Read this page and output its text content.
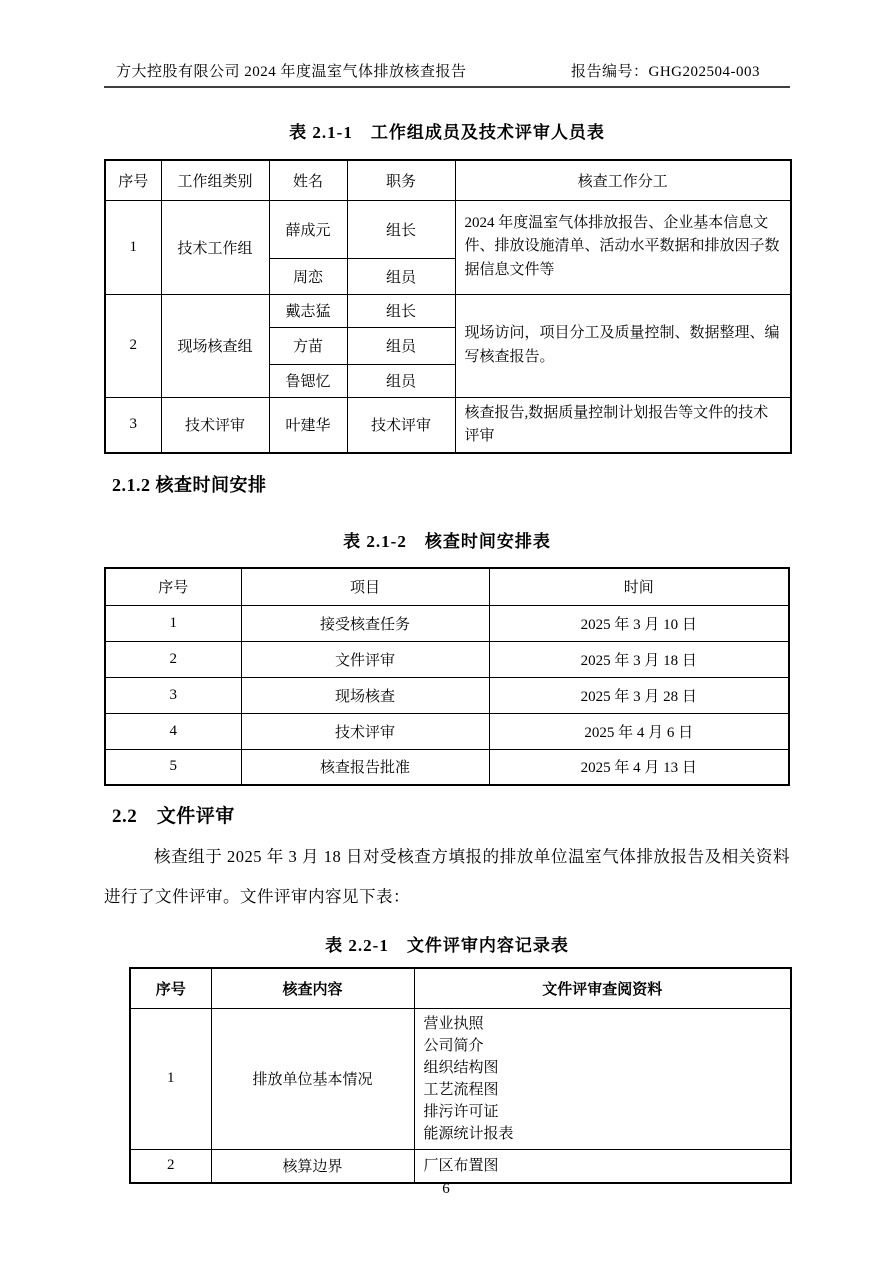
方大控股有限公司 2024 年度温室气体排放核查报告	报告编号：GHG202504-003
表 2.1-1　工作组成员及技术评审人员表
序号	工作组类别	姓名	职务	核查工作分工
1	技术工作组	薛成元	组长	2024 年度温室气体排放报告、企业基本信息文件、排放设施清单、活动水平数据和排放因子数据信息文件等
		周恋	组员	
2	现场核查组	戴志猛	组长	现场访问，项目分工及质量控制、数据整理、编写核查报告。
		方苗	组员	
		鲁锶忆	组员	
3	技术评审	叶建华	技术评审	核查报告,数据质量控制计划报告等文件的技术评审
2.1.2 核查时间安排
表 2.1-2　核查时间安排表
序号	项目	时间
1	接受核查任务	2025 年 3 月 10 日
2	文件评审	2025 年 3 月 18 日
3	现场核查	2025 年 3 月 28 日
4	技术评审	2025 年 4 月 6 日
5	核查报告批准	2025 年 4 月 13 日
2.2　文件评审
核查组于 2025 年 3 月 18 日对受核查方填报的排放单位温室气体排放报告及相关资料进行了文件评审。文件评审内容见下表：
表 2.2-1　文件评审内容记录表
序号	核查内容	文件评审查阅资料
1	排放单位基本情况	
营业执照
公司简介
组织结构图
工艺流程图
排污许可证
能源统计报表

2	核算边界	厂区布置图
6
